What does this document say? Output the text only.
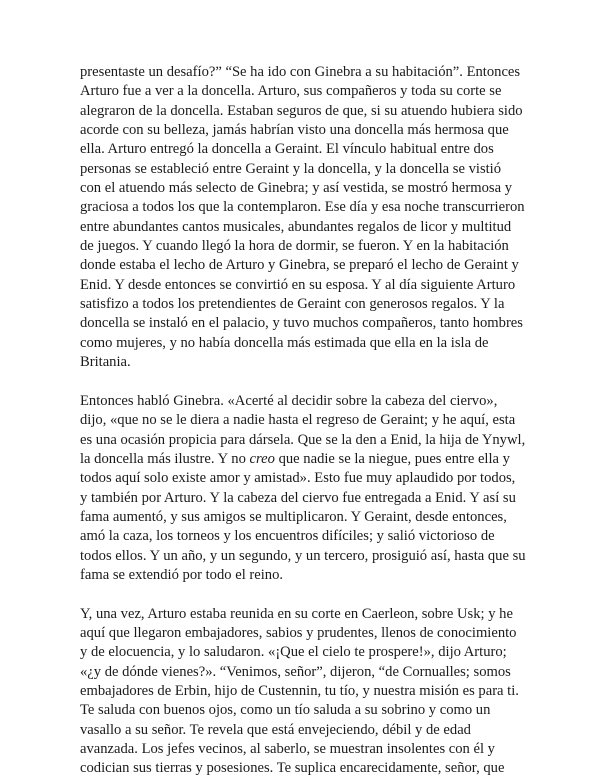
presentaste un desafío?” “Se ha ido con Ginebra a su habitación”. Entonces
Arturo fue a ver a la doncella. Arturo, sus compañeros y toda su corte se
alegraron de la doncella. Estaban seguros de que, si su atuendo hubiera sido
acorde con su belleza, jamás habrían visto una doncella más hermosa que
ella. Arturo entregó la doncella a Geraint. El vínculo habitual entre dos
personas se estableció entre Geraint y la doncella, y la doncella se vistió
con el atuendo más selecto de Ginebra; y así vestida, se mostró hermosa y
graciosa a todos los que la contemplaron. Ese día y esa noche transcurrieron
entre abundantes cantos musicales, abundantes regalos de licor y multitud
de juegos. Y cuando llegó la hora de dormir, se fueron. Y en la habitación
donde estaba el lecho de Arturo y Ginebra, se preparó el lecho de Geraint y
Enid. Y desde entonces se convirtió en su esposa. Y al día siguiente Arturo
satisfizo a todos los pretendientes de Geraint con generosos regalos. Y la
doncella se instaló en el palacio, y tuvo muchos compañeros, tanto hombres
como mujeres, y no había doncella más estimada que ella en la isla de
Britania.

Entonces habló Ginebra. «Acerté al decidir sobre la cabeza del ciervo»,
dijo, «que no se le diera a nadie hasta el regreso de Geraint; y he aquí, esta
es una ocasión propicia para dársela. Que se la den a Enid, la hija de Ynywl,
la doncella más ilustre. Y no creo que nadie se la niegue, pues entre ella y
todos aquí solo existe amor y amistad». Esto fue muy aplaudido por todos,
y también por Arturo. Y la cabeza del ciervo fue entregada a Enid. Y así su
fama aumentó, y sus amigos se multiplicaron. Y Geraint, desde entonces,
amó la caza, los torneos y los encuentros difíciles; y salió victorioso de
todos ellos. Y un año, y un segundo, y un tercero, prosiguió así, hasta que su
fama se extendió por todo el reino.

Y, una vez, Arturo estaba reunida en su corte en Caerleon, sobre Usk; y he
aquí que llegaron embajadores, sabios y prudentes, llenos de conocimiento
y de elocuencia, y lo saludaron. «¡Que el cielo te prospere!», dijo Arturo;
«¿y de dónde vienes?». “Venimos, señor”, dijeron, “de Cornualles; somos
embajadores de Erbin, hijo de Custennin, tu tío, y nuestra misión es para ti.
Te saluda con buenos ojos, como un tío saluda a su sobrino y como un
vasallo a su señor. Te revela que está envejeciendo, débil y de edad
avanzada. Los jefes vecinos, al saberlo, se muestran insolentes con él y
codician sus tierras y posesiones. Te suplica encarecidamente, señor, que
